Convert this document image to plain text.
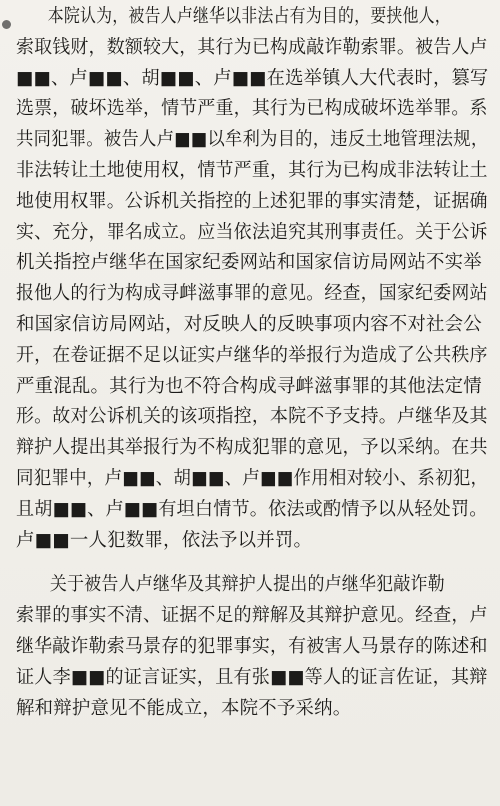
本院认为，被告人卢继华以非法占有为目的，要挟他人，
索取钱财，数额较大，其行为已构成敲诈勒索罪。被告人卢
■■、卢■■、胡■■、卢■■在选举镇人大代表时，篡写
选票，破坏选举，情节严重，其行为已构成破坏选举罪。系
共同犯罪。被告人卢■■以牟利为目的，违反土地管理法规，
非法转让土地使用权，情节严重，其行为已构成非法转让土
地使用权罪。公诉机关指控的上述犯罪的事实清楚，证据确
实、充分，罪名成立。应当依法追究其刑事责任。关于公诉
机关指控卢继华在国家纪委网站和国家信访局网站不实举
报他人的行为构成寻衅滋事罪的意见。经查，国家纪委网站
和国家信访局网站，对反映人的反映事项内容不对社会公
开，在卷证据不足以证实卢继华的举报行为造成了公共秩序
严重混乱。其行为也不符合构成寻衅滋事罪的其他法定情
形。故对公诉机关的该项指控，本院不予支持。卢继华及其
辩护人提出其举报行为不构成犯罪的意见，予以采纳。在共
同犯罪中，卢■■、胡■■、卢■■作用相对较小、系初犯，
且胡■■、卢■■有坦白情节。依法或酌情予以从轻处罚。
卢■■一人犯数罪，依法予以并罚。

关于被告人卢继华及其辩护人提出的卢继华犯敲诈勒
索罪的事实不清、证据不足的辩解及其辩护意见。经查，卢
继华敲诈勒索马景存的犯罪事实，有被害人马景存的陈述和
证人李■■的证言证实，且有张■■等人的证言佐证，其辩
解和辩护意见不能成立，本院不予采纳。
